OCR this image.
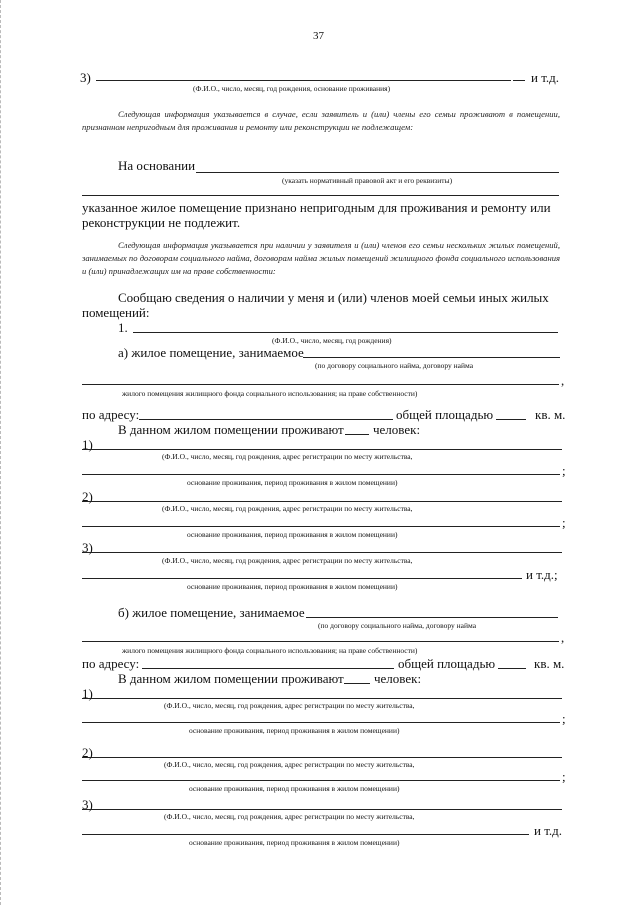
37
3)	и т.д.
(Ф.И.О., число, месяц, год рождения, основание проживания)
Следующая информация указывается в случае, если заявитель и (или) члены его семьи проживают в помещении, признанном непригодным для проживания и ремонту или реконструкции не подлежащем:
На основании
(указать нормативный правовой акт и его реквизиты)
указанное жилое помещение признано непригодным для проживания и ремонту или
реконструкции не подлежит.
Следующая информация указывается при наличии у заявителя и (или) членов его семьи нескольких жилых помещений, занимаемых по договорам социального найма, договорам найма жилых помещений жилищного фонда социального использования и (или) принадлежащих им на праве собственности:
Сообщаю сведения о наличии у меня и (или) членов моей семьи иных жилых
помещений:
1.
(Ф.И.О., число, месяц, год рождения)
а) жилое помещение, занимаемое
(по договору социального найма, договору найма
,
жилого помещения жилищного фонда социального использования; на праве собственности)
по адресу:	общей площадью	кв. м.
В данном жилом помещении проживают человек:
1)
(Ф.И.О., число, месяц, год рождения, адрес регистрации по месту жительства,
;
основание проживания, период проживания в жилом помещении)
2)
(Ф.И.О., число, месяц, год рождения, адрес регистрации по месту жительства,
;
основание проживания, период проживания в жилом помещении)
3)
(Ф.И.О., число, месяц, год рождения, адрес регистрации по месту жительства,
и т.д.;
основание проживания, период проживания в жилом помещении)
б) жилое помещение, занимаемое
(по договору социального найма, договору найма
,
жилого помещения жилищного фонда социального использования; на праве собственности)
по адресу:	общей площадью	кв. м.
В данном жилом помещении проживают человек:
1)
(Ф.И.О., число, месяц, год рождения, адрес регистрации по месту жительства,
;
основание проживания, период проживания в жилом помещении)
2)
(Ф.И.О., число, месяц, год рождения, адрес регистрации по месту жительства,
;
основание проживания, период проживания в жилом помещении)
3)
(Ф.И.О., число, месяц, год рождения, адрес регистрации по месту жительства,
и т.д.
основание проживания, период проживания в жилом помещении)
